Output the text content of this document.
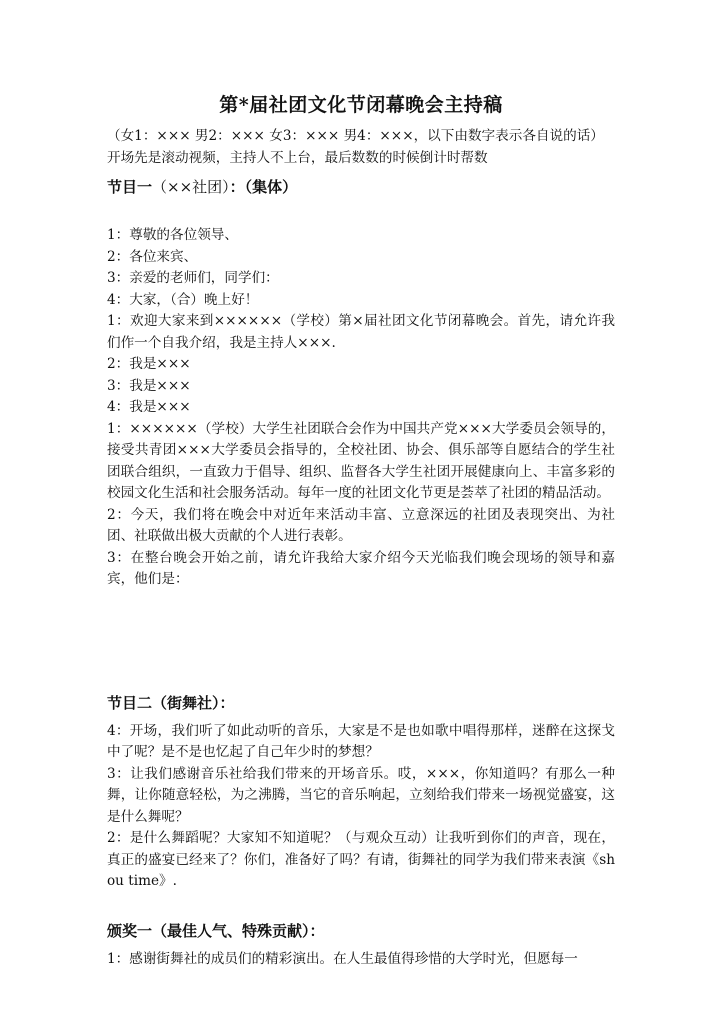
第*届社团文化节闭幕晚会主持稿

（女1：××× 男2：××× 女3：××× 男4：×××，以下由数字表示各自说的话）

开场先是滚动视频，主持人不上台，最后数数的时候倒计时帮数

节目一（××社团）：（集体）

1：尊敬的各位领导、

2：各位来宾、

3：亲爱的老师们，同学们：

4：大家，（合）晚上好！

1：欢迎大家来到××××××（学校）第×届社团文化节闭幕晚会。首先，请允许我们作一个自我介绍，我是主持人×××.

2：我是×××

3：我是×××

4：我是×××

1：××××××（学校）大学生社团联合会作为中国共产党×××大学委员会领导的，接受共青团×××大学委员会指导的，全校社团、协会、俱乐部等自愿结合的学生社团联合组织，一直致力于倡导、组织、监督各大学生社团开展健康向上、丰富多彩的校园文化生活和社会服务活动。每年一度的社团文化节更是荟萃了社团的精品活动。

2：今天，我们将在晚会中对近年来活动丰富、立意深远的社团及表现突出、为社团、社联做出极大贡献的个人进行表彰。

3：在整台晚会开始之前，请允许我给大家介绍今天光临我们晚会现场的领导和嘉宾，他们是：

节目二（街舞社）：

4：开场，我们听了如此动听的音乐，大家是不是也如歌中唱得那样，迷醉在这探戈中了呢？是不是也忆起了自己年少时的梦想？

3：让我们感谢音乐社给我们带来的开场音乐。哎，×××，你知道吗？有那么一种舞，让你随意轻松，为之沸腾，当它的音乐响起，立刻给我们带来一场视觉盛宴，这是什么舞呢？

2：是什么舞蹈呢？大家知不知道呢？（与观众互动）让我听到你们的声音，现在，真正的盛宴已经来了？你们，准备好了吗？有请，街舞社的同学为我们带来表演《shou time》.

颁奖一（最佳人气、特殊贡献）：

1：感谢街舞社的成员们的精彩演出。在人生最值得珍惜的大学时光，但愿每一
